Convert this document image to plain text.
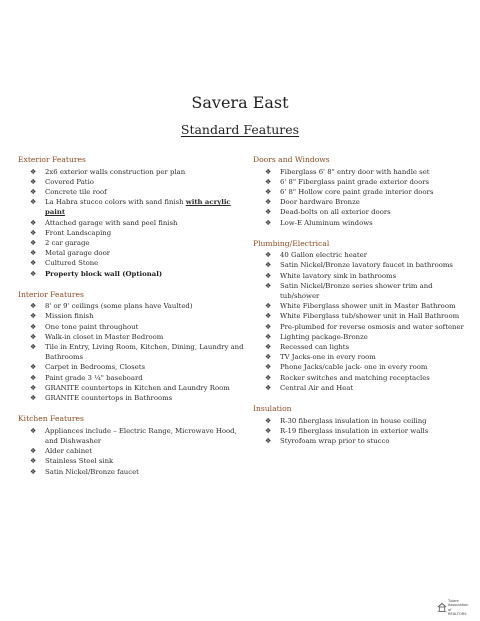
Savera East
Standard Features
Exterior Features
❖ 2x6 exterior walls construction per plan
❖ Covered Patio
❖ Concrete tile roof
❖ La Habra stucco colors with sand finish with acrylic paint
❖ Attached garage with sand peel finish
❖ Front Landscaping
❖ 2 car garage
❖ Metal garage door
❖ Cultured Stone
❖ Property block wall (Optional)
Interior Features
❖ 8' or 9' ceilings (some plans have Vaulted)
❖ Mission finish
❖ One tone paint throughout
❖ Walk-in closet in Master Bedroom
❖ Tile in Entry, Living Room, Kitchen, Dining, Laundry and Bathrooms
❖ Carpet in Bedrooms, Closets
❖ Paint grade 3 ¼" baseboard
❖ GRANITE countertops in Kitchen and Laundry Room
❖ GRANITE countertops in Bathrooms
Kitchen Features
❖ Appliances include – Electric Range, Microwave Hood, and Dishwasher
❖ Alder cabinet
❖ Stainless Steel sink
❖ Satin Nickel/Bronze faucet
Doors and Windows
❖ Fiberglass 6' 8" entry door with handle set
❖ 6' 8" Fiberglass paint grade exterior doors
❖ 6' 8" Hollow core paint grade interior doors
❖ Door hardware Bronze
❖ Dead-bolts on all exterior doors
❖ Low-E Aluminum windows
Plumbing/Electrical
❖ 40 Gallon electric heater
❖ Satin Nickel/Bronze lavatory faucet in bathrooms
❖ White lavatory sink in bathrooms
❖ Satin Nickel/Bronze series shower trim and tub/shower
❖ White Fiberglass shower unit in Master Bathroom
❖ White Fiberglass tub/shower unit in Hall Bathroom
❖ Pre-plumbed for reverse osmosis and water softener
❖ Lighting package-Bronze
❖ Recessed can lights
❖ TV Jacks-one in every room
❖ Phone Jacks/cable jack- one in every room
❖ Rocker switches and matching receptacles
❖ Central Air and Heat
Insulation
❖ R-30 fiberglass insulation in house ceiling
❖ R-19 fiberglass insulation in exterior walls
❖ Styrofoam wrap prior to stucco
Tulare
Association
of REALTORS
